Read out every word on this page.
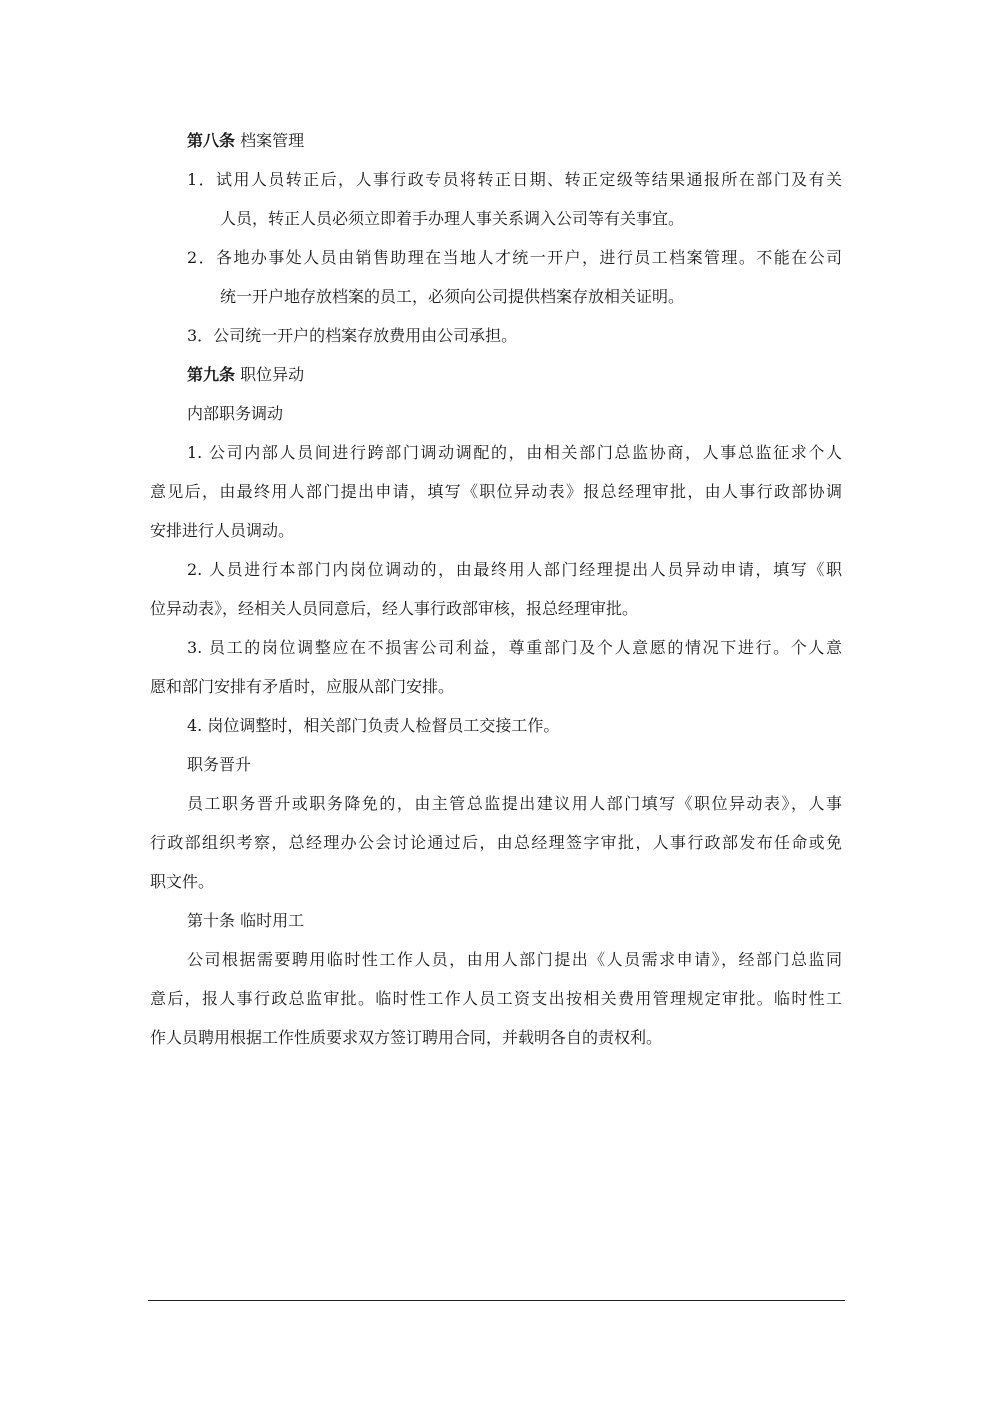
第八条 档案管理
1．试用人员转正后，人事行政专员将转正日期、转正定级等结果通报所在部门及有关
人员，转正人员必须立即着手办理人事关系调入公司等有关事宜。
2．各地办事处人员由销售助理在当地人才统一开户，进行员工档案管理。不能在公司
统一开户地存放档案的员工，必须向公司提供档案存放相关证明。
3．公司统一开户的档案存放费用由公司承担。
第九条 职位异动
内部职务调动
1. 公司内部人员间进行跨部门调动调配的，由相关部门总监协商，人事总监征求个人
意见后，由最终用人部门提出申请，填写《职位异动表》报总经理审批，由人事行政部协调
安排进行人员调动。
2. 人员进行本部门内岗位调动的，由最终用人部门经理提出人员异动申请，填写《职
位异动表》，经相关人员同意后，经人事行政部审核，报总经理审批。
3. 员工的岗位调整应在不损害公司利益，尊重部门及个人意愿的情况下进行。个人意
愿和部门安排有矛盾时，应服从部门安排。
4. 岗位调整时，相关部门负责人检督员工交接工作。
职务晋升
员工职务晋升或职务降免的，由主管总监提出建议用人部门填写《职位异动表》，人事
行政部组织考察，总经理办公会讨论通过后，由总经理签字审批，人事行政部发布任命或免
职文件。
第十条 临时用工
公司根据需要聘用临时性工作人员，由用人部门提出《人员需求申请》，经部门总监同
意后，报人事行政总监审批。临时性工作人员工资支出按相关费用管理规定审批。临时性工
作人员聘用根据工作性质要求双方签订聘用合同，并载明各自的责权利。
